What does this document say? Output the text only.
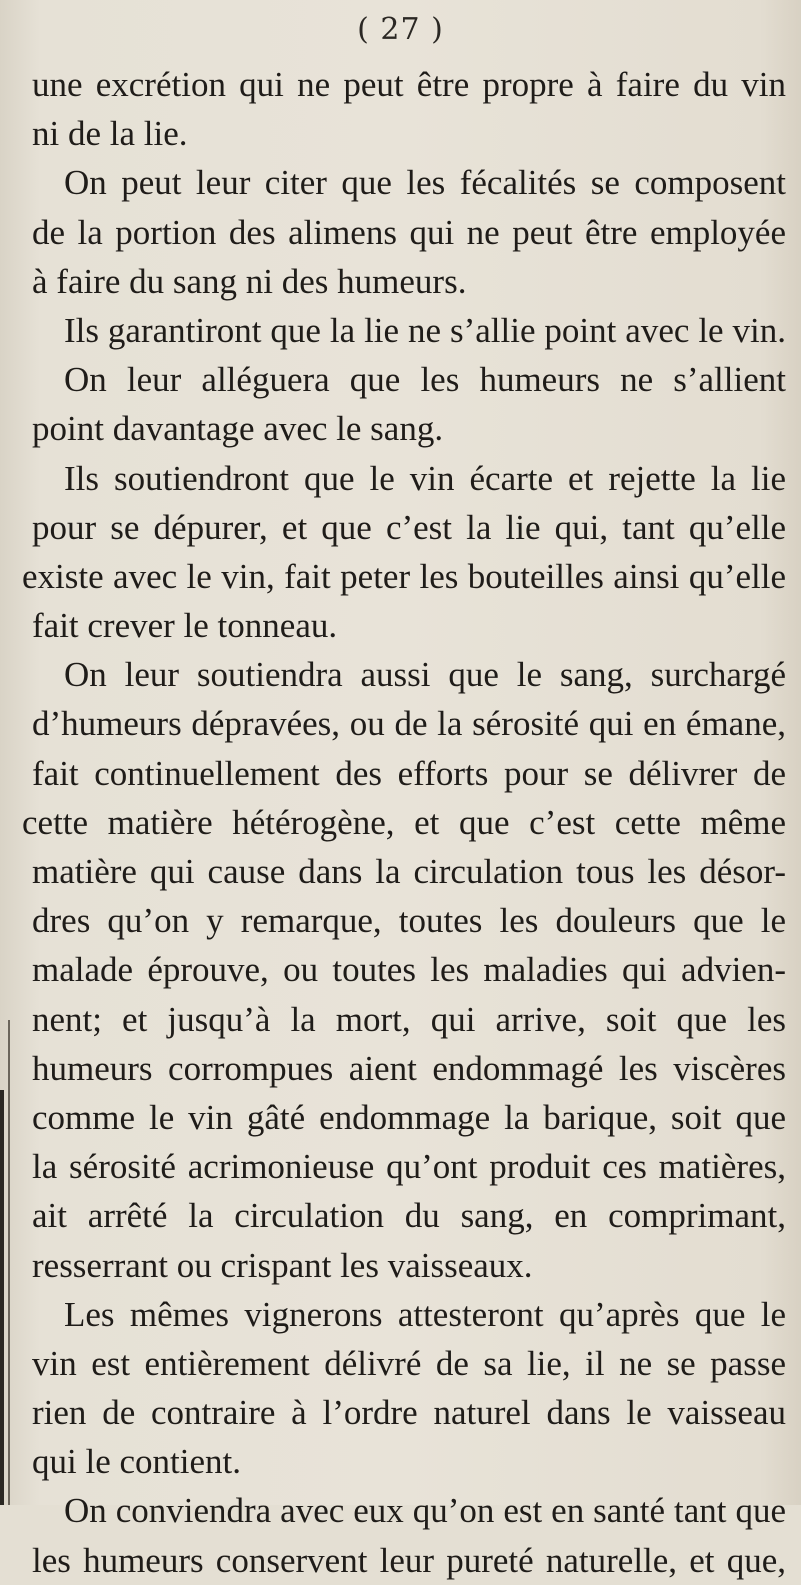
( 27 )
une excrétion qui ne peut être propre à faire du vin
ni de la lie.
On peut leur citer que les fécalités se composent
de la portion des alimens qui ne peut être employée
à faire du sang ni des humeurs.
Ils garantiront que la lie ne s’allie point avec le vin.
On leur alléguera que les humeurs ne s’allient
point davantage avec le sang.
Ils soutiendront que le vin écarte et rejette la lie
pour se dépurer, et que c’est la lie qui, tant qu’elle
existe avec le vin, fait peter les bouteilles ainsi qu’elle
fait crever le tonneau.
On leur soutiendra aussi que le sang, surchargé
d’humeurs dépravées, ou de la sérosité qui en émane,
fait continuellement des efforts pour se délivrer de
cette matière hétérogène, et que c’est cette même
matière qui cause dans la circulation tous les désor-
dres qu’on y remarque, toutes les douleurs que le
malade éprouve, ou toutes les maladies qui advien-
nent; et jusqu’à la mort, qui arrive, soit que les
humeurs corrompues aient endommagé les viscères
comme le vin gâté endommage la barique, soit que
la sérosité acrimonieuse qu’ont produit ces matières,
ait arrêté la circulation du sang, en comprimant,
resserrant ou crispant les vaisseaux.
Les mêmes vignerons attesteront qu’après que le
vin est entièrement délivré de sa lie, il ne se passe
rien de contraire à l’ordre naturel dans le vaisseau
qui le contient.
On conviendra avec eux qu’on est en santé tant que
les humeurs conservent leur pureté naturelle, et que,
